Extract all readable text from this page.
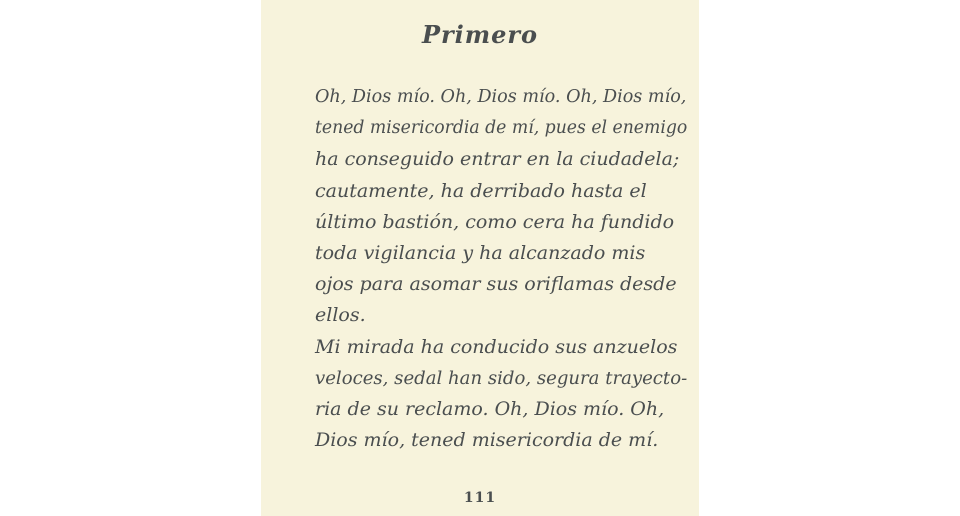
Primero
Oh, Dios mío. Oh, Dios mío. Oh, Dios mío,
tened misericordia de mí, pues el enemigo
ha conseguido entrar en la ciudadela;
cautamente, ha derribado hasta el
último bastión, como cera ha fundido
toda vigilancia y ha alcanzado mis
ojos para asomar sus oriflamas desde
ellos.
Mi mirada ha conducido sus anzuelos
veloces, sedal han sido, segura trayecto-
ria de su reclamo. Oh, Dios mío. Oh,
Dios mío, tened misericordia de mí.
111
